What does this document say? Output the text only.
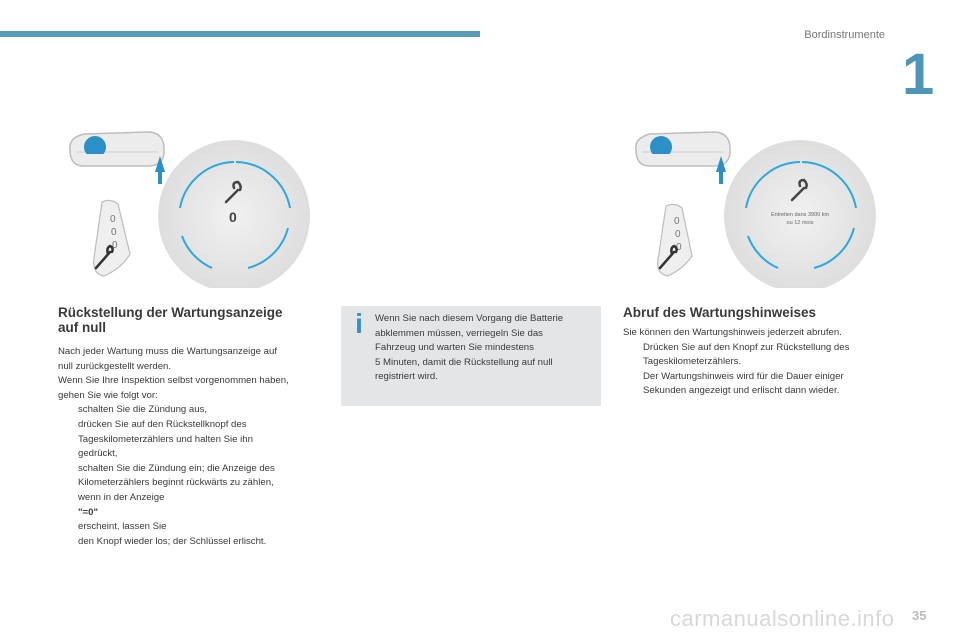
Bordinstrumente
1
0
0
0
0	0
0
0
Entretien dans 3900 km
ou 12 mois
Rückstellung der Wartungsanzeige
auf null

Nach jeder Wartung muss die Wartungsanzeige auf
null zurückgestellt werden.

Wenn Sie Ihre Inspektion selbst vorgenommen haben,
gehen Sie wie folgt vor:

schalten Sie die Zündung aus,
drücken Sie auf den Rückstellknopf des
Tageskilometerzählers und halten Sie ihn
gedrückt,
schalten Sie die Zündung ein; die Anzeige des
Kilometerzählers beginnt rückwärts zu zählen,
wenn in der Anzeige
"=0"
erscheint, lassen Sie
den Knopf wieder los; der Schlüssel erlischt.
i	Wenn Sie nach diesem Vorgang die Batterie
abklemmen müssen, verriegeln Sie das
Fahrzeug und warten Sie mindestens
5 Minuten, damit die Rückstellung auf null
registriert wird.
Abruf des Wartungshinweises

Sie können den Wartungshinweis jederzeit abrufen.

Drücken Sie auf den Knopf zur Rückstellung des
Tageskilometerzählers.
Der Wartungshinweis wird für die Dauer einiger
Sekunden angezeigt und erlischt dann wieder.
carmanualsonline.info 35
